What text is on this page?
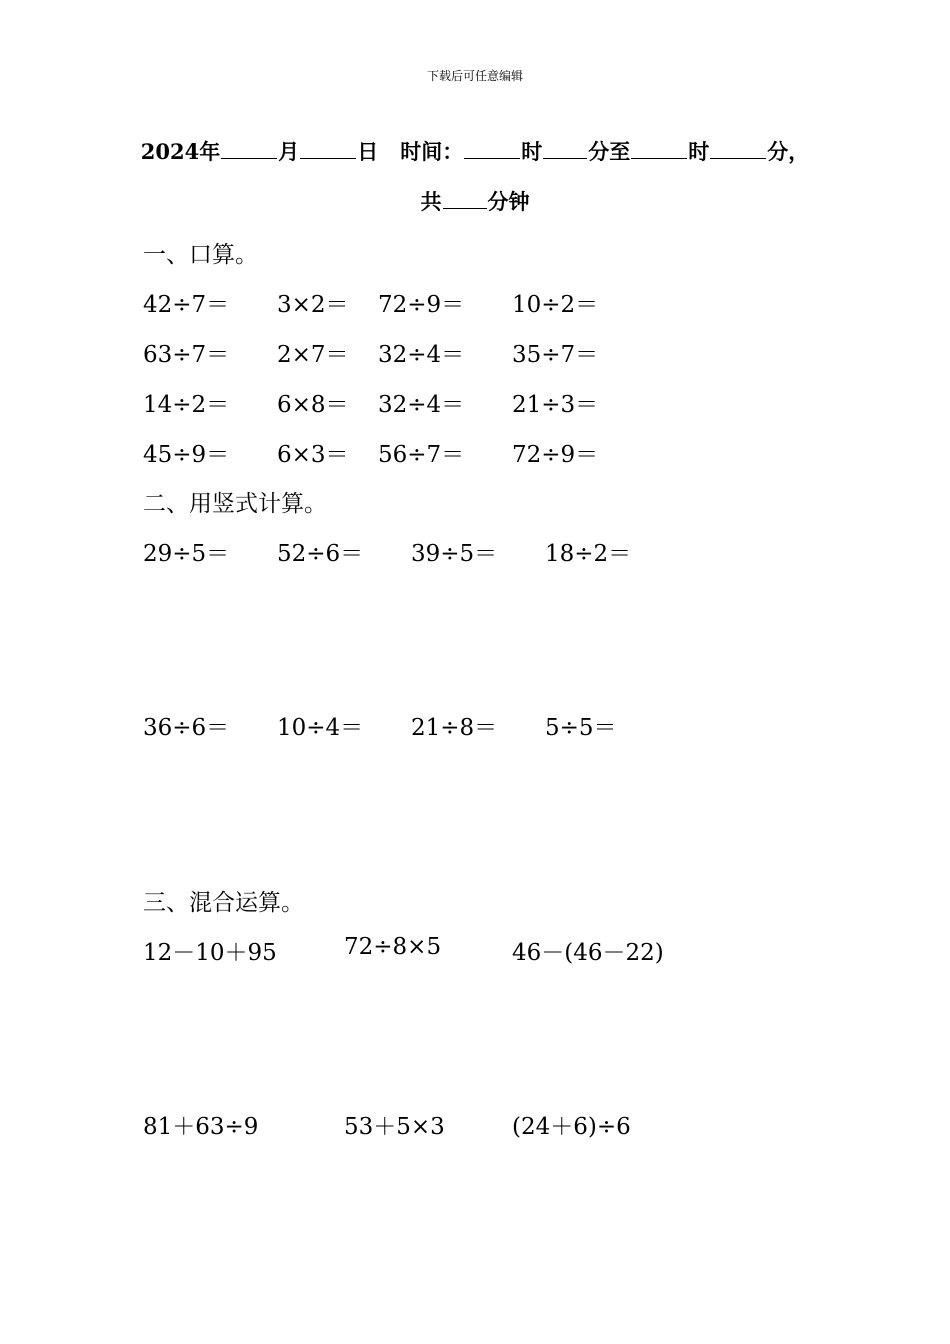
下载后可任意编辑
2024年	月	日 时间：	时 分至	时	分，
共 分钟
一、口算。
42÷7＝ 3×2＝ 72÷9＝ 10÷2＝
63÷7＝ 2×7＝ 32÷4＝ 35÷7＝
14÷2＝ 6×8＝ 32÷4＝ 21÷3＝
45÷9＝ 6×3＝ 56÷7＝ 72÷9＝
二、用竖式计算。
29÷5＝ 52÷6＝ 39÷5＝ 18÷2＝
36÷6＝ 10÷4＝ 21÷8＝ 5÷5＝
三、混合运算。
12－10＋95	72÷8×5	46－(46－22)
81＋63÷9	53＋5×3	(24＋6)÷6
